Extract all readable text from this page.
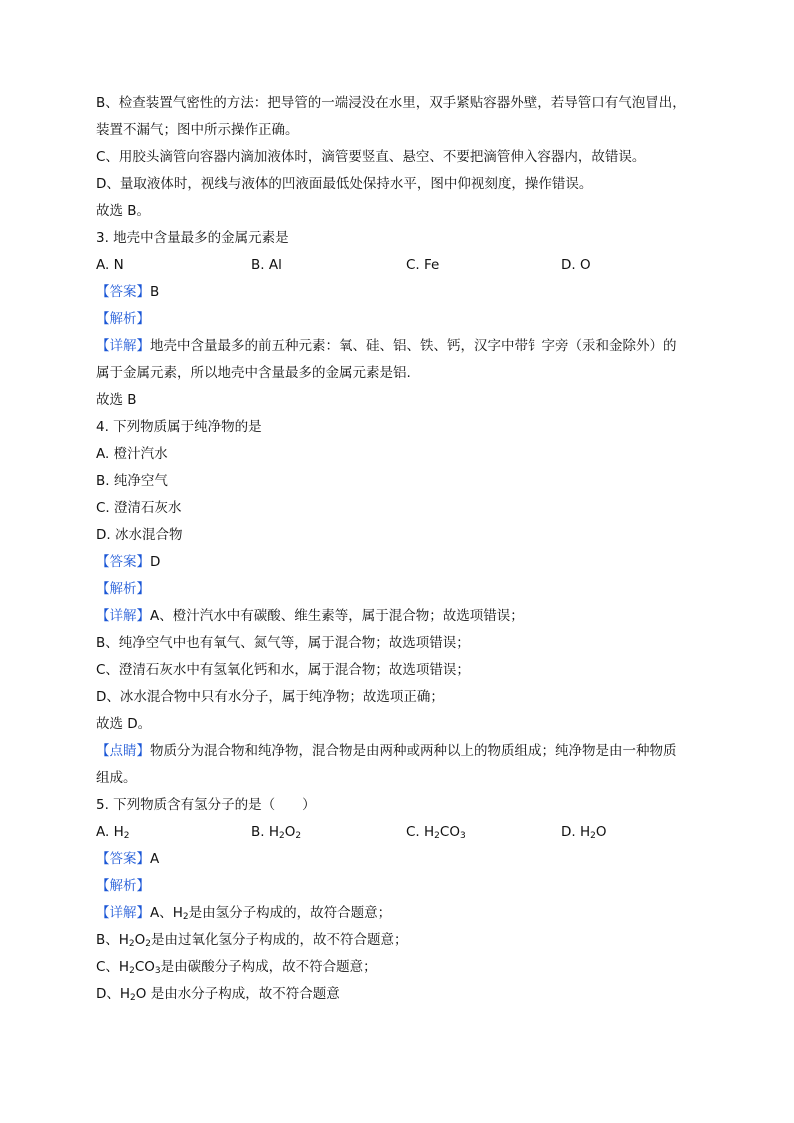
B、检查装置气密性的方法：把导管的一端浸没在水里，双手紧贴容器外壁，若导管口有气泡冒出，
装置不漏气；图中所示操作正确。
C、用胶头滴管向容器内滴加液体时，滴管要竖直、悬空、不要把滴管伸入容器内，故错误。
D、量取液体时，视线与液体的凹液面最低处保持水平，图中仰视刻度，操作错误。
故选 B。
3. 地壳中含量最多的金属元素是
A. N	B. Al	C. Fe	D. O
【答案】B
【解析】
【详解】地壳中含量最多的前五种元素：氧、硅、铝、铁、钙，汉字中带钅字旁（汞和金除外）的
属于金属元素，所以地壳中含量最多的金属元素是铝.
故选 B
4. 下列物质属于纯净物的是
A. 橙汁汽水
B. 纯净空气
C. 澄清石灰水
D. 冰水混合物
【答案】D
【解析】
【详解】A、橙汁汽水中有碳酸、维生素等，属于混合物；故选项错误；
B、纯净空气中也有氧气、氮气等，属于混合物；故选项错误；
C、澄清石灰水中有氢氧化钙和水，属于混合物；故选项错误；
D、冰水混合物中只有水分子，属于纯净物；故选项正确；
故选 D。
【点睛】物质分为混合物和纯净物，混合物是由两种或两种以上的物质组成；纯净物是由一种物质
组成。
5. 下列物质含有氢分子的是（　　）
A. $H_2$	B. $H_2O_2$	C. $H_2CO_3$	D. $H_2O$
【答案】A
【解析】
【详解】A、$H_2$是由氢分子构成的，故符合题意；
B、$H_2O_2$是由过氧化氢分子构成的，故不符合题意；
C、$H_2CO_3$是由碳酸分子构成，故不符合题意；
D、$H_2O$ 是由水分子构成，故不符合题意
